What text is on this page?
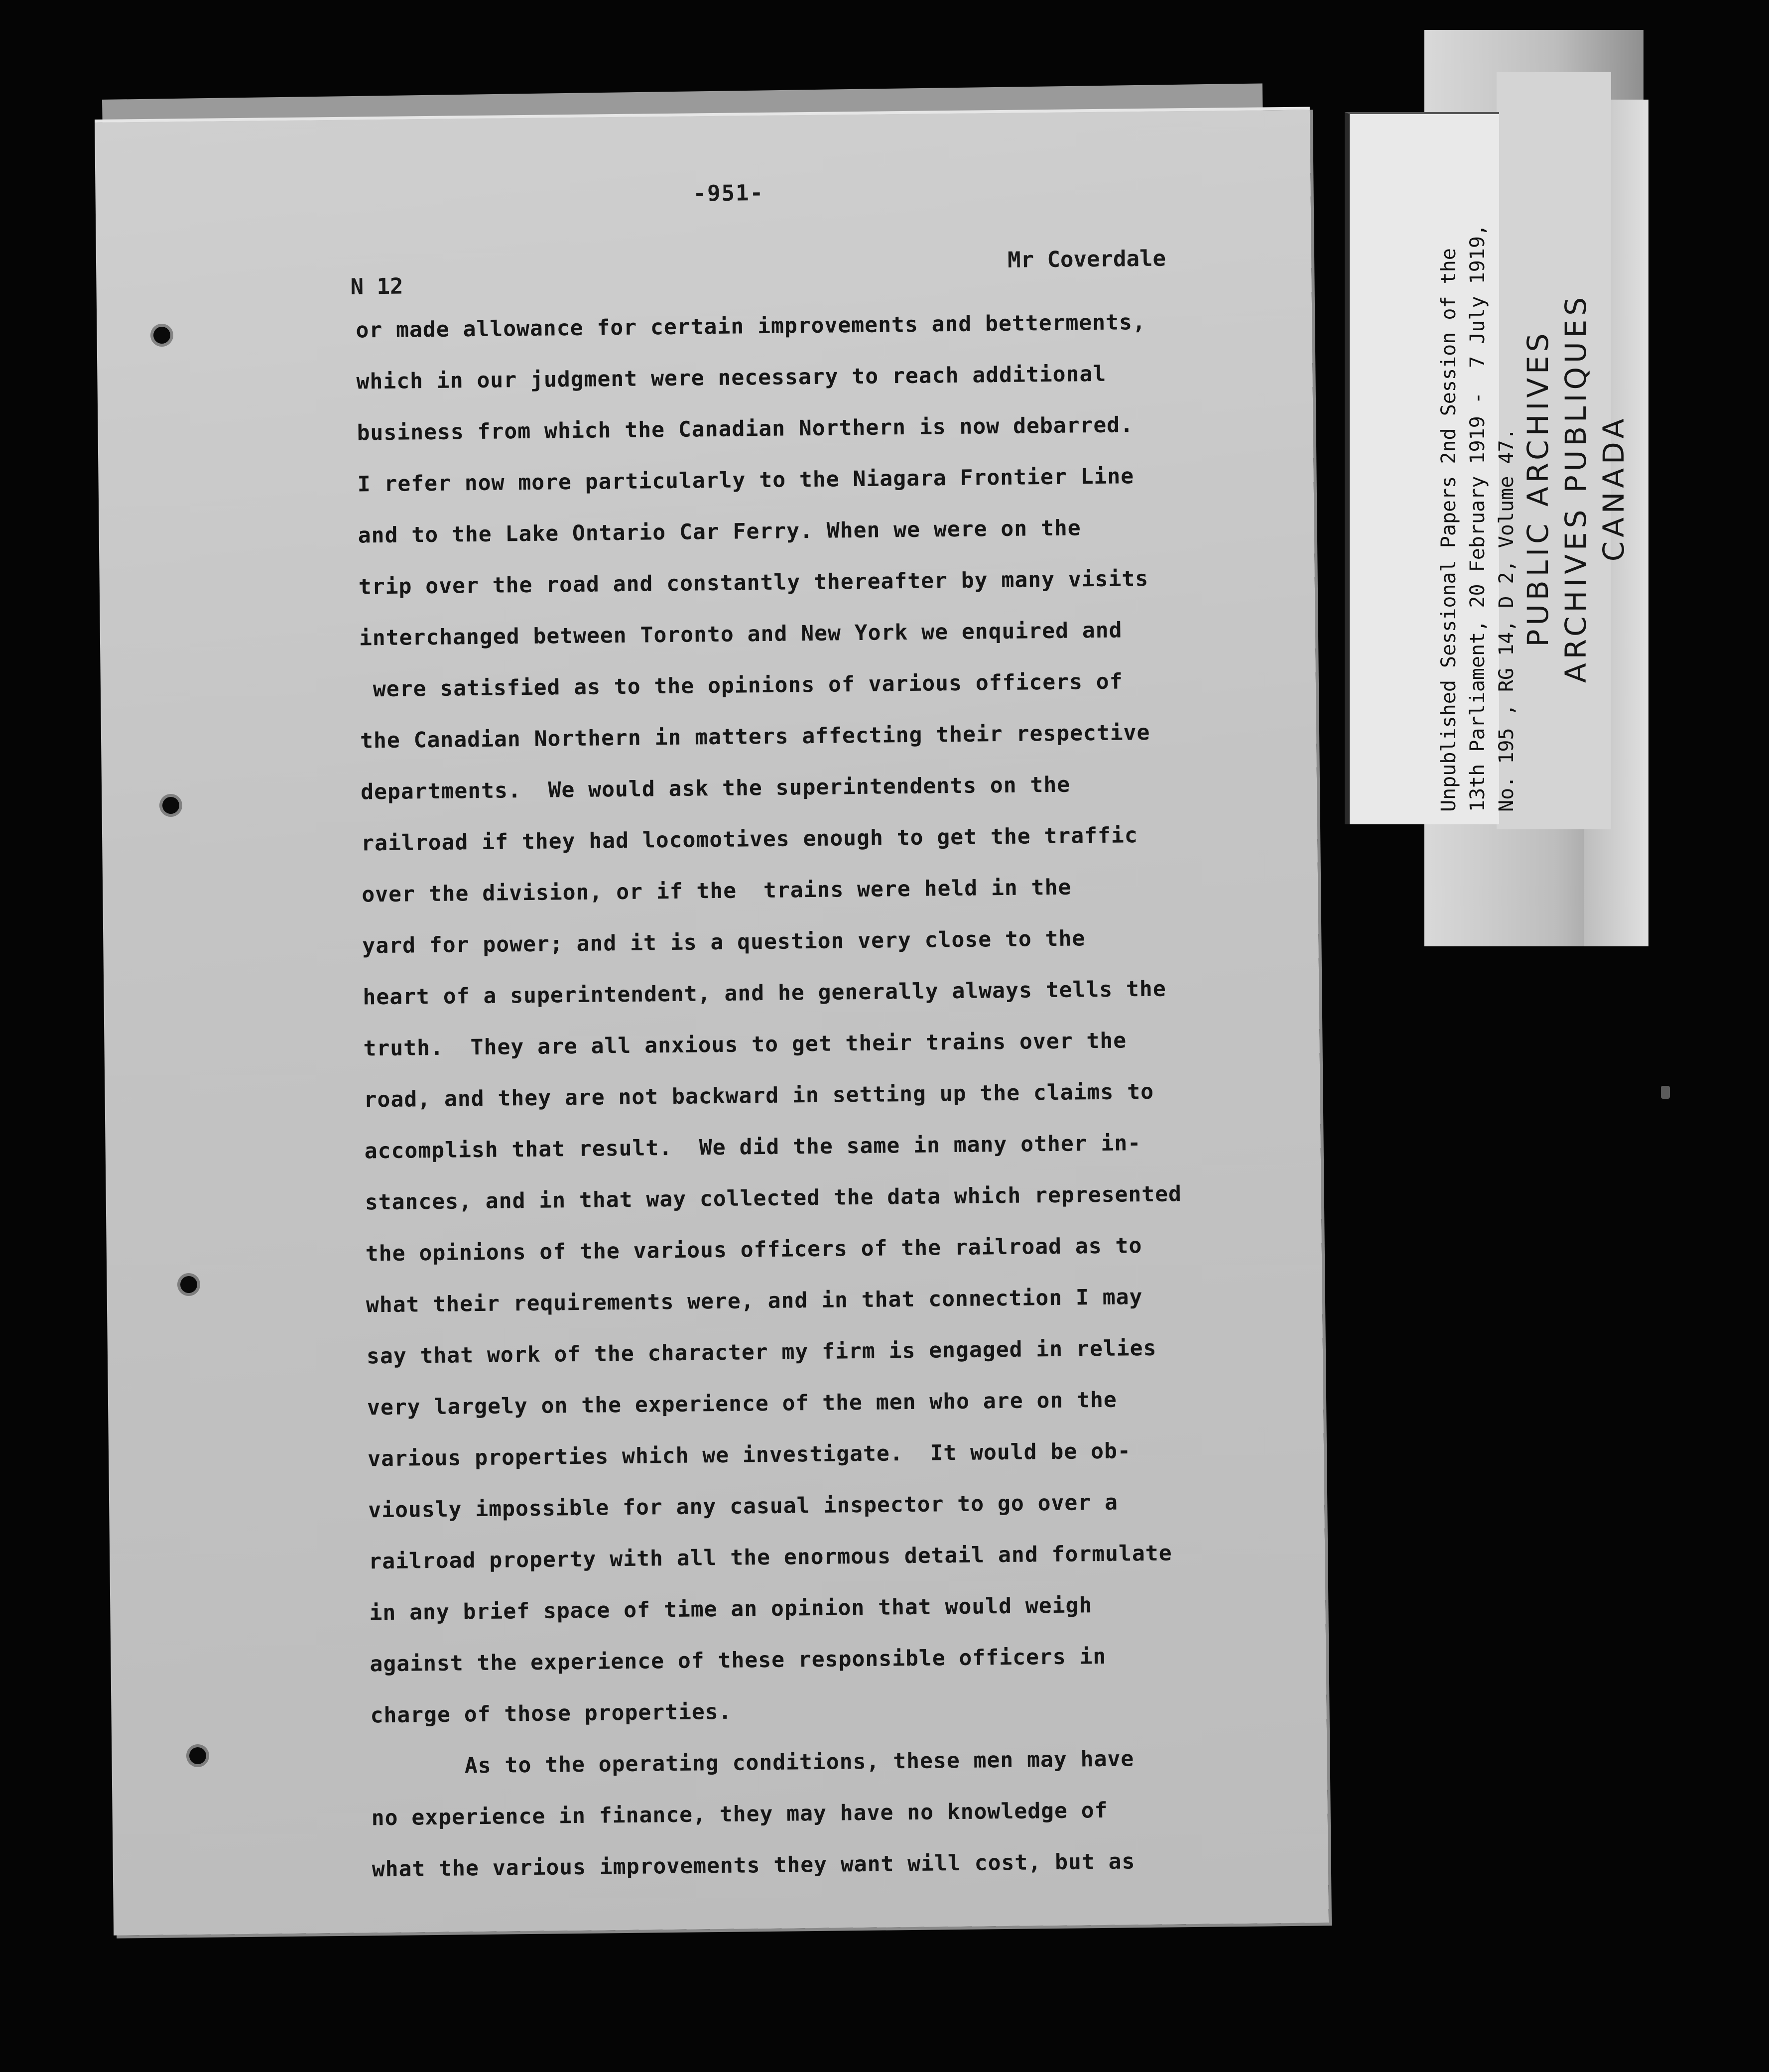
-951-
Mr Coverdale
N 12
or made allowance for certain improvements and betterments,
which in our judgment were necessary to reach additional
business from which the Canadian Northern is now debarred.
I refer now more particularly to the Niagara Frontier Line
and to the Lake Ontario Car Ferry. When we were on the
trip over the road and constantly thereafter by many visits
interchanged between Toronto and New York we enquired and
were satisfied as to the opinions of various officers of
the Canadian Northern in matters affecting their respective
departments.  We would ask the superintendents on the
railroad if they had locomotives enough to get the traffic
over the division, or if the  trains were held in the
yard for power; and it is a question very close to the
heart of a superintendent, and he generally always tells the
truth.  They are all anxious to get their trains over the
road, and they are not backward in setting up the claims to
accomplish that result.  We did the same in many other in-
stances, and in that way collected the data which represented
the opinions of the various officers of the railroad as to
what their requirements were, and in that connection I may
say that work of the character my firm is engaged in relies
very largely on the experience of the men who are on the
various properties which we investigate.  It would be ob-
viously impossible for any casual inspector to go over a
railroad property with all the enormous detail and formulate
in any brief space of time an opinion that would weigh
against the experience of these responsible officers in
charge of those properties.
As to the operating conditions, these men may have
no experience in finance, they may have no knowledge of
what the various improvements they want will cost, but as
Unpublished Sessional Papers 2nd Session of the 13th Parliament, 20 February 1919 -  7 July 1919, No. 195 , RG 14, D 2, Volume 47. PUBLIC ARCHIVES ARCHIVES PUBLIQUES CANADA
